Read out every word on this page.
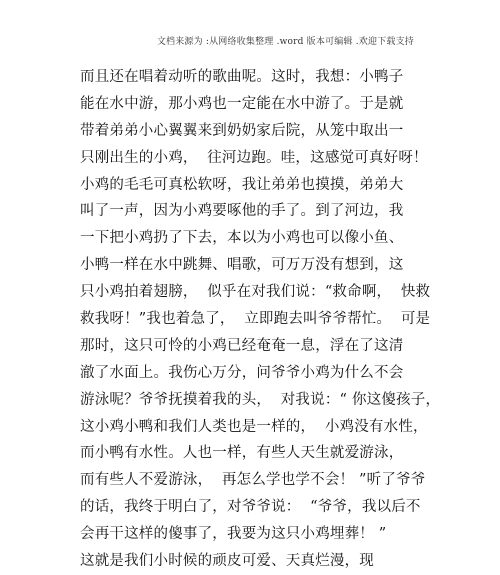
文档来源为 :从网络收集整理 .word 版本可编辑 .欢迎下载支持
而且还在唱着动听的歌曲呢。这时，我想：小鸭子
能在水中游，那小鸡也一定能在水中游了。于是就
带着弟弟小心翼翼来到奶奶家后院，从笼中取出一
只刚出生的小鸡，  往河边跑。哇，这感觉可真好呀！
小鸡的毛毛可真松软呀，我让弟弟也摸摸，弟弟大
叫了一声，因为小鸡要啄他的手了。到了河边，我
一下把小鸡扔了下去，本以为小鸡也可以像小鱼、
小鸭一样在水中跳舞、唱歌，可万万没有想到，这
只小鸡拍着翅膀，  似乎在对我们说：“救命啊，  快救
救我呀！”我也着急了，  立即跑去叫爷爷帮忙。  可是
那时，这只可怜的小鸡已经奄奄一息，浮在了这清
澈了水面上。我伤心万分，问爷爷小鸡为什么不会
游泳呢？爷爷抚摸着我的头，  对我说：“ 你这傻孩子，
这小鸡小鸭和我们人类也是一样的，  小鸡没有水性，
而小鸭有水性。人也一样，有些人天生就爱游泳，
而有些人不爱游泳，  再怎么学也学不会！ ”听了爷爷
的话，我终于明白了，对爷爷说：  “爷爷，我以后不
会再干这样的傻事了，我要为这只小鸡埋葬！ ”
这就是我们小时候的顽皮可爱、天真烂漫，现
